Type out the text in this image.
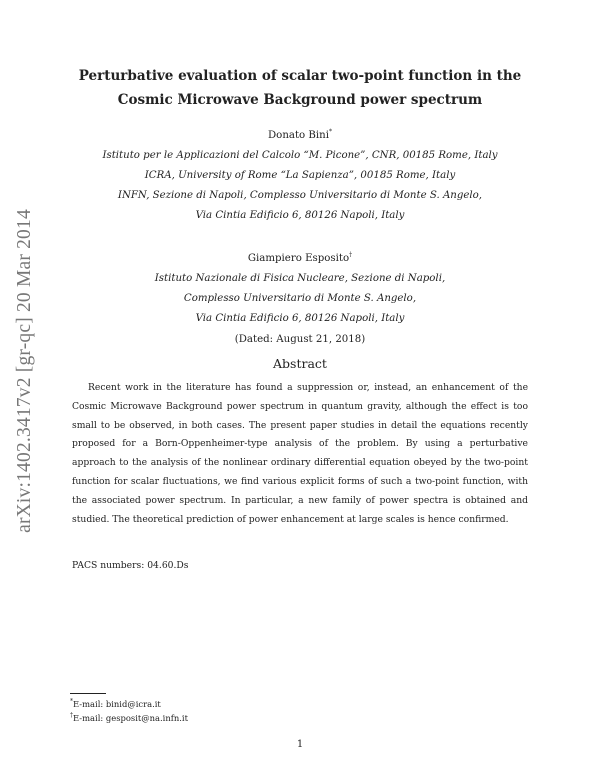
arXiv:1402.3417v2 [gr-qc] 20 Mar 2014
Perturbative evaluation of scalar two-point function in the
Cosmic Microwave Background power spectrum
Donato Bini*
Istituto per le Applicazioni del Calcolo “M. Picone”, CNR, 00185 Rome, Italy
ICRA, University of Rome “La Sapienza”, 00185 Rome, Italy
INFN, Sezione di Napoli, Complesso Universitario di Monte S. Angelo,
Via Cintia Edificio 6, 80126 Napoli, Italy
Giampiero Esposito†
Istituto Nazionale di Fisica Nucleare, Sezione di Napoli,
Complesso Universitario di Monte S. Angelo,
Via Cintia Edificio 6, 80126 Napoli, Italy
(Dated: August 21, 2018)
Abstract

Recent work in the literature has found a suppression or, instead, an enhancement of the Cosmic Microwave Background power spectrum in quantum gravity, although the effect is too small to be observed, in both cases. The present paper studies in detail the equations recently proposed for a Born-Oppenheimer-type analysis of the problem. By using a perturbative approach to the analysis of the nonlinear ordinary differential equation obeyed by the two-point function for scalar fluctuations, we find various explicit forms of such a two-point function, with the associated power spectrum. In particular, a new family of power spectra is obtained and studied. The theoretical prediction of power enhancement at large scales is hence confirmed.

PACS numbers: 04.60.Ds
*E-mail: binid@icra.it
†E-mail: gesposit@na.infn.it
1
